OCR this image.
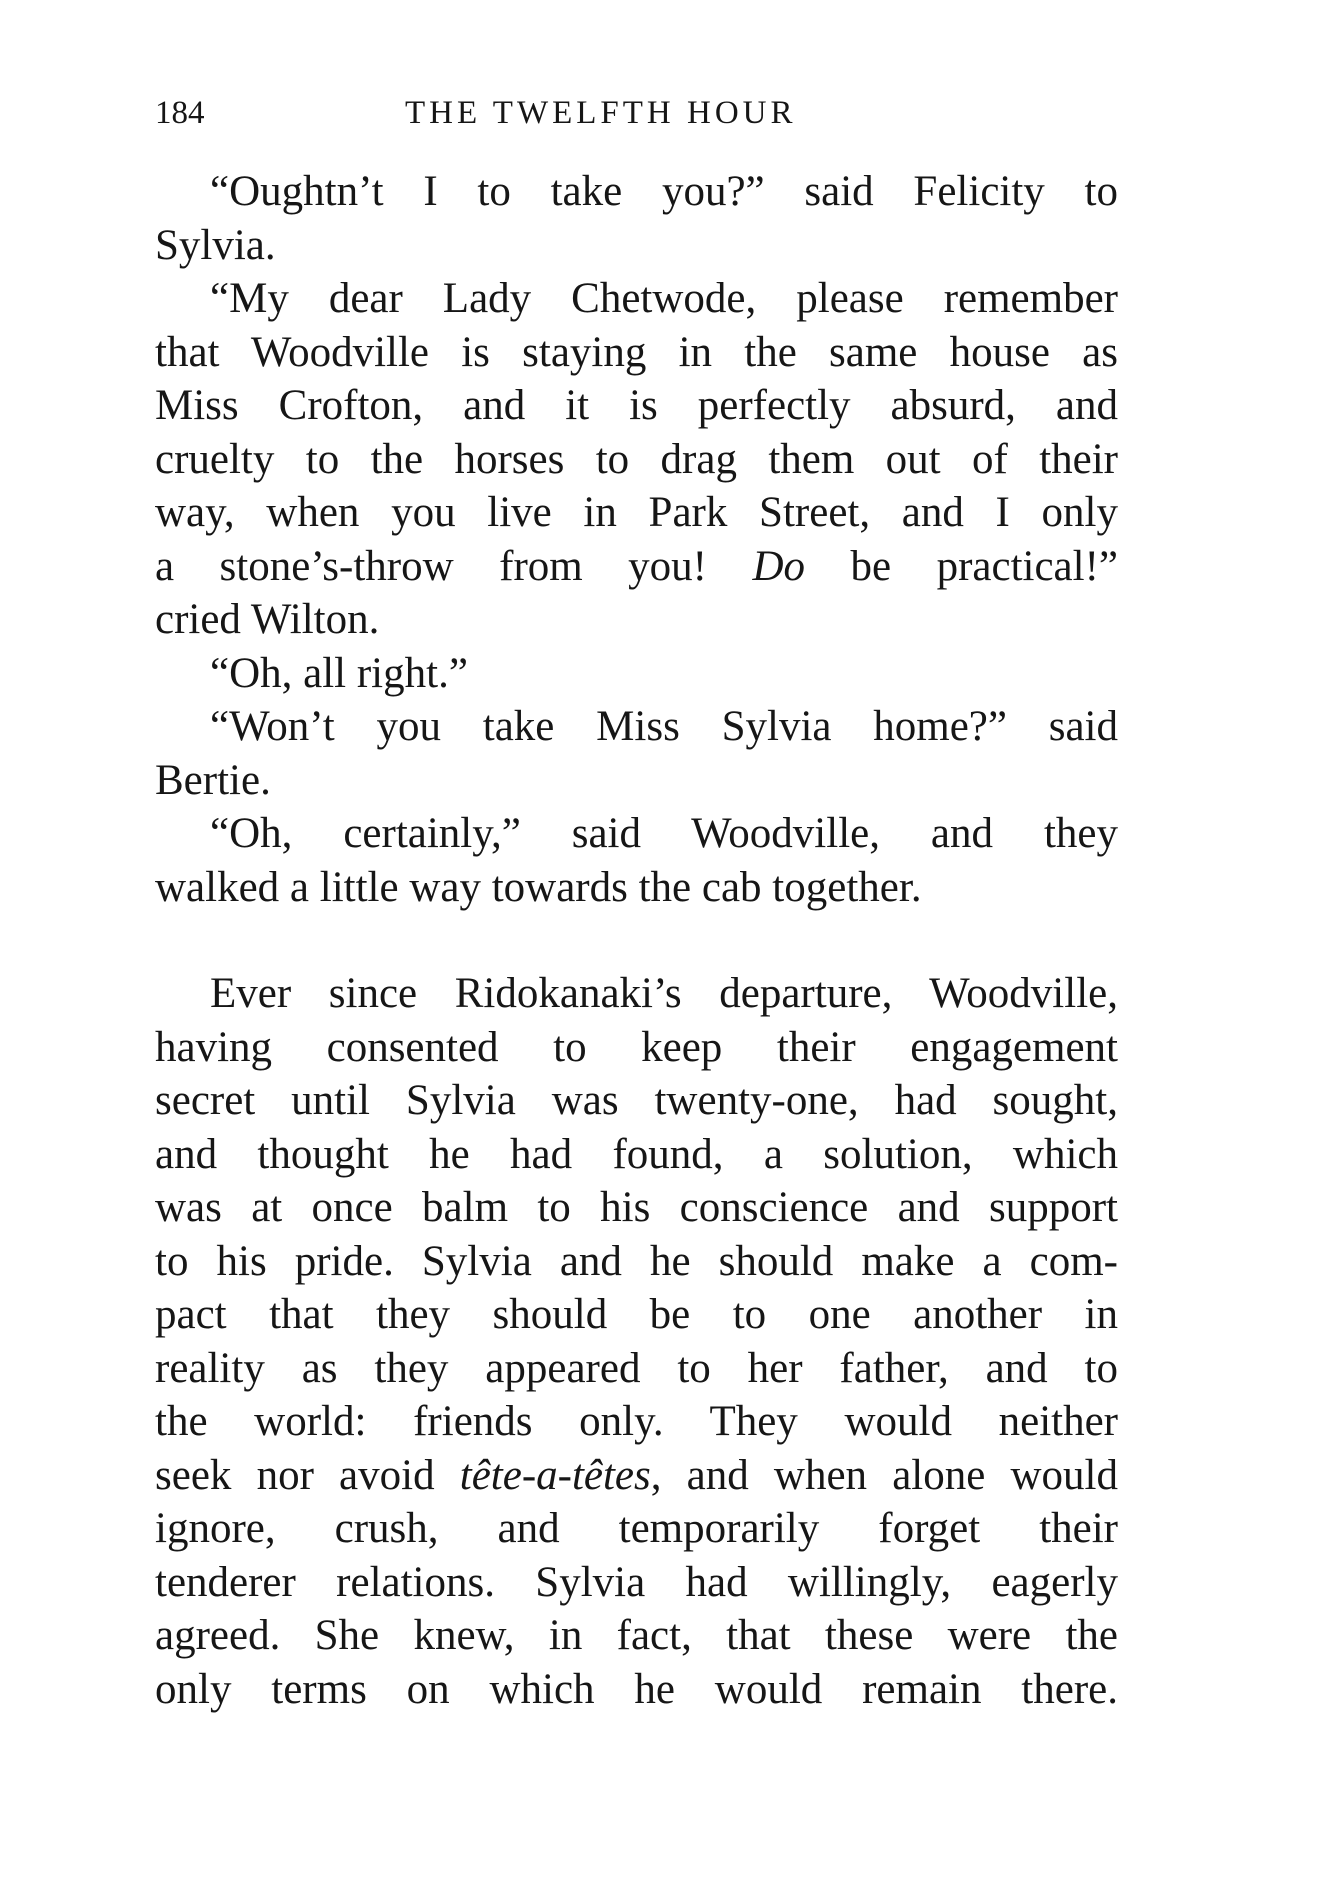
184	THE TWELFTH HOUR
“Oughtn’t I to take you?” said Felicity to
Sylvia.
“My dear Lady Chetwode, please remember
that Woodville is staying in the same house as
Miss Crofton, and it is perfectly absurd, and
cruelty to the horses to drag them out of their
way, when you live in Park Street, and I only
a stone’s-throw from you! Do be practical!”
cried Wilton.
“Oh, all right.”
“Won’t you take Miss Sylvia home?” said
Bertie.
“Oh, certainly,” said Woodville, and they
walked a little way towards the cab together.
Ever since Ridokanaki’s departure, Woodville,
having consented to keep their engagement
secret until Sylvia was twenty-one, had sought,
and thought he had found, a solution, which
was at once balm to his conscience and support
to his pride. Sylvia and he should make a com-
pact that they should be to one another in
reality as they appeared to her father, and to
the world: friends only. They would neither
seek nor avoid tête-a-têtes, and when alone would
ignore, crush, and temporarily forget their
tenderer relations. Sylvia had willingly, eagerly
agreed. She knew, in fact, that these were the
only terms on which he would remain there.
